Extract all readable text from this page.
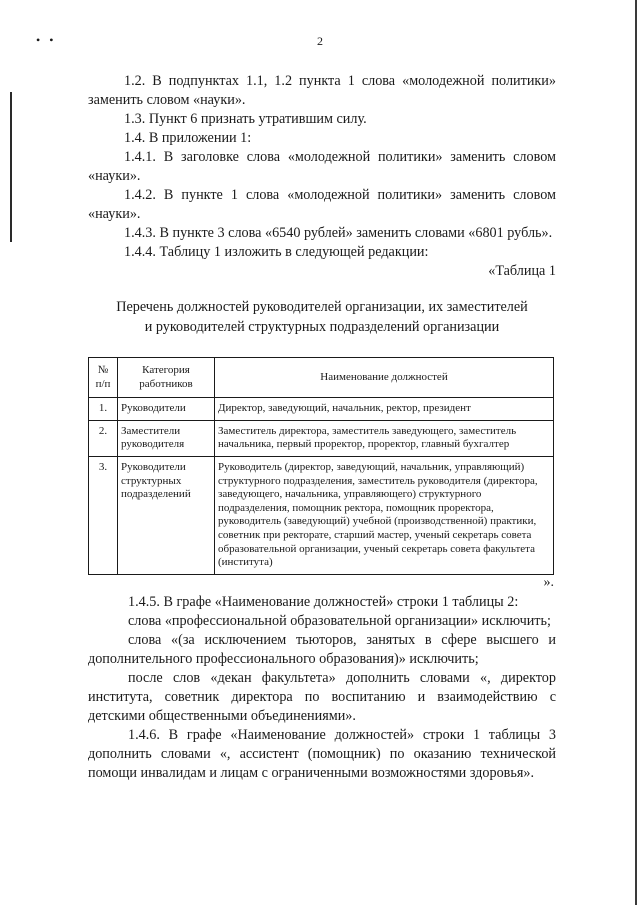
• •	2

1.2. В подпунктах 1.1, 1.2 пункта 1 слова «молодежной политики» заменить словом «науки».

1.3. Пункт 6 признать утратившим силу.

1.4. В приложении 1:

1.4.1. В заголовке слова «молодежной политики» заменить словом «науки».

1.4.2. В пункте 1 слова «молодежной политики» заменить словом «науки».

1.4.3. В пункте 3 слова «6540 рублей» заменить словами «6801 рубль».

1.4.4. Таблицу 1 изложить в следующей редакции:

«Таблица 1

Перечень должностей руководителей организации, их заместителей

и руководителей структурных подразделений организации

№ п/п	Категория работников	Наименование должностей
1.	Руководители	Директор, заведующий, начальник, ректор, президент
2.	Заместители руководителя	Заместитель директора, заместитель заведующего, заместитель начальника, первый проректор, проректор, главный бухгалтер
3.	Руководители структурных подразделений	Руководитель (директор, заведующий, начальник, управляющий) структурного подразделения, заместитель руководителя (директора, заведующего, начальника, управляющего) структурного подразделения, помощник ректора, помощник проректора, руководитель (заведующий) учебной (производственной) практики, советник при ректорате, старший мастер, ученый секретарь совета образовательной организации, ученый секретарь совета факультета (института)

».

1.4.5. В графе «Наименование должностей» строки 1 таблицы 2:

слова «профессиональной образовательной организации» исключить;

слова «(за исключением тьюторов, занятых в сфере высшего и дополнительного профессионального образования)» исключить;

после слов «декан факультета» дополнить словами «, директор института, советник директора по воспитанию и взаимодействию с детскими общественными объединениями».

1.4.6. В графе «Наименование должностей» строки 1 таблицы 3 дополнить словами «, ассистент (помощник) по оказанию технической помощи инвалидам и лицам с ограниченными возможностями здоровья».
